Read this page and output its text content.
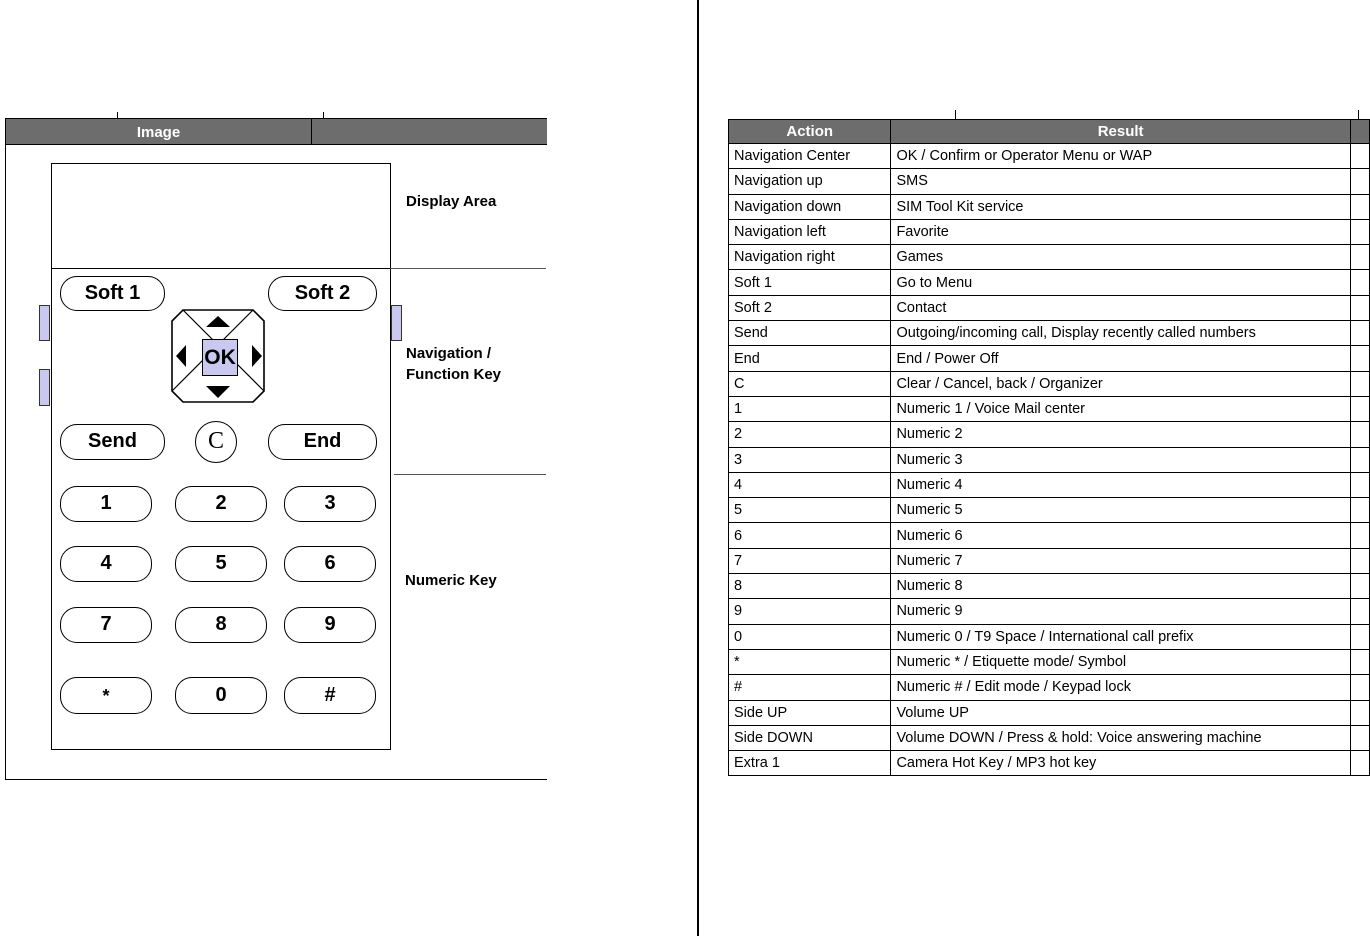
Image
Display Area
Navigation /
Function Key
Numeric Key
Soft 1	Soft 2
OK
Send	C	End
1	2	3
4	5	6
7	8	9
*	0	#
Action	Result	
Navigation Center	OK / Confirm or Operator Menu or WAP	
Navigation up	SMS	
Navigation down	SIM Tool Kit service	
Navigation left	Favorite	
Navigation right	Games	
Soft 1	Go to Menu	
Soft 2	Contact	
Send	Outgoing/incoming call, Display recently called numbers	
End	End / Power Off	
C	Clear / Cancel, back / Organizer	
1	Numeric 1 / Voice Mail center	
2	Numeric 2	
3	Numeric 3	
4	Numeric 4	
5	Numeric 5	
6	Numeric 6	
7	Numeric 7	
8	Numeric 8	
9	Numeric 9	
0	Numeric 0 / T9 Space / International call prefix	
*	Numeric * / Etiquette mode/ Symbol	
#	Numeric # / Edit mode / Keypad lock	
Side UP	Volume UP	
Side DOWN	Volume DOWN / Press & hold: Voice answering machine	
Extra 1	Camera Hot Key / MP3 hot key	
